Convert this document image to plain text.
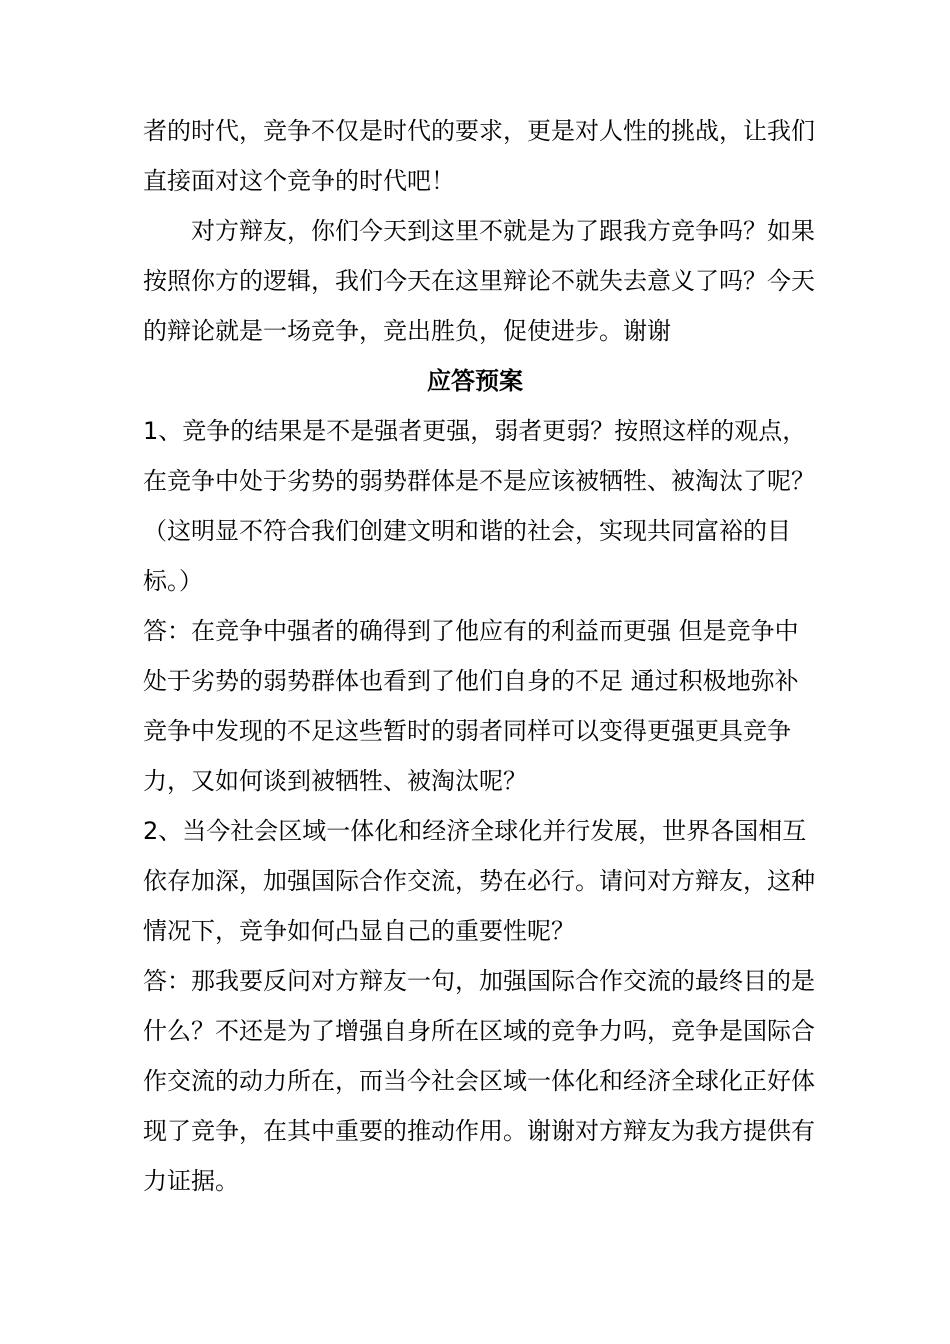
者的时代，竞争不仅是时代的要求，更是对人性的挑战，让我们
直接面对这个竞争的时代吧！
对方辩友，你们今天到这里不就是为了跟我方竞争吗？如果
按照你方的逻辑，我们今天在这里辩论不就失去意义了吗？今天
的辩论就是一场竞争，竞出胜负，促使进步。谢谢
应答预案
1、竞争的结果是不是强者更强，弱者更弱？按照这样的观点，
在竞争中处于劣势的弱势群体是不是应该被牺牲、被淘汰了呢？
（这明显不符合我们创建文明和谐的社会，实现共同富裕的目
标。）
答：在竞争中强者的确得到了他应有的利益而更强 但是竞争中
处于劣势的弱势群体也看到了他们自身的不足 通过积极地弥补
竞争中发现的不足这些暂时的弱者同样可以变得更强更具竞争
力，又如何谈到被牺牲、被淘汰呢？
2、当今社会区域一体化和经济全球化并行发展，世界各国相互
依存加深，加强国际合作交流，势在必行。请问对方辩友，这种
情况下，竞争如何凸显自己的重要性呢？
答：那我要反问对方辩友一句，加强国际合作交流的最终目的是
什么？不还是为了增强自身所在区域的竞争力吗，竞争是国际合
作交流的动力所在，而当今社会区域一体化和经济全球化正好体
现了竞争，在其中重要的推动作用。谢谢对方辩友为我方提供有
力证据。
